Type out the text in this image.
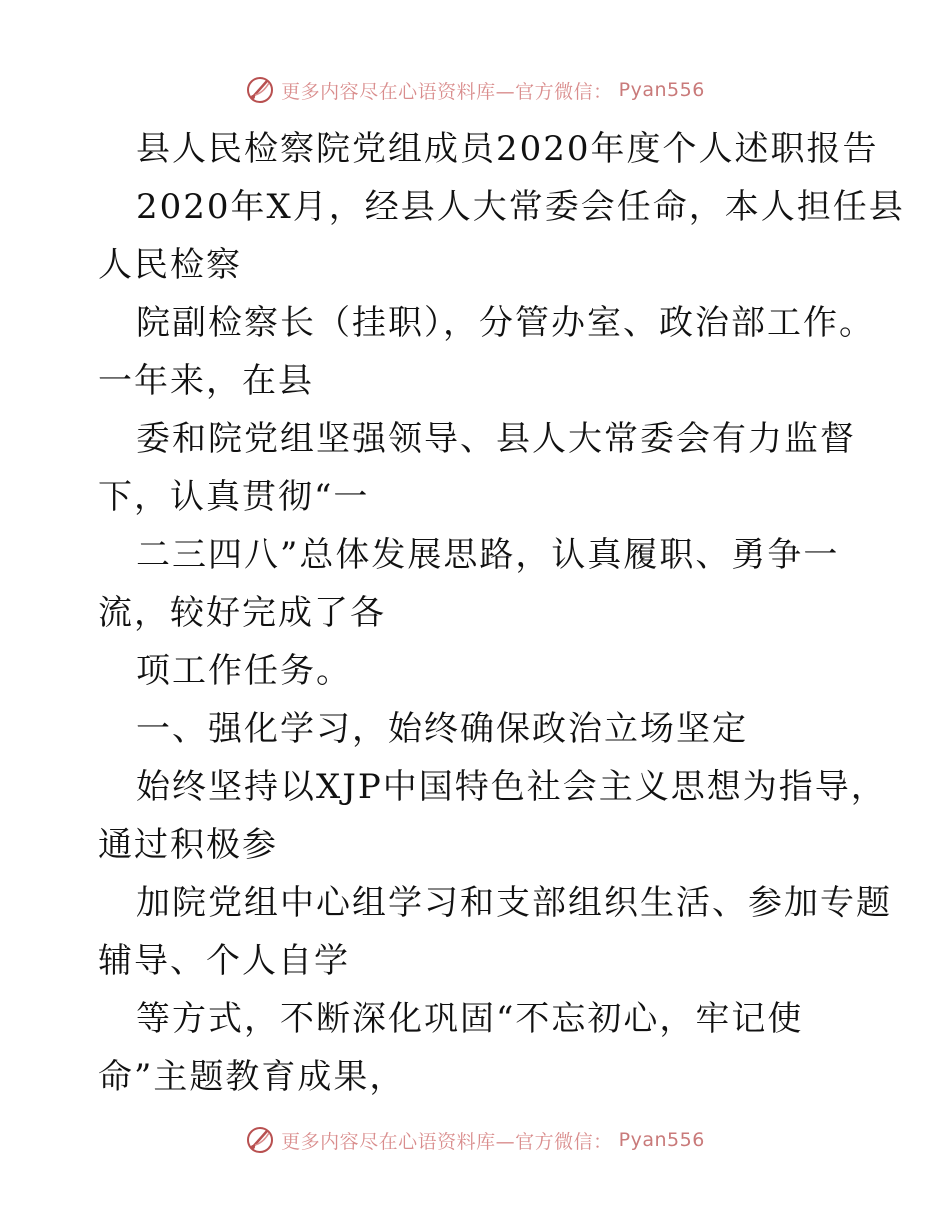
更多内容尽在心语资料库—官方微信： Pyan556
县人民检察院党组成员2020年度个人述职报告
2020年X月，经县人大常委会任命，本人担任县
人民检察
院副检察长（挂职），分管办室、政治部工作。
一年来，在县
委和院党组坚强领导、县人大常委会有力监督
下，认真贯彻“一
二三四八”总体发展思路，认真履职、勇争一
流，较好完成了各
项工作任务。
一、强化学习，始终确保政治立场坚定
始终坚持以XJP中国特色社会主义思想为指导，
通过积极参
加院党组中心组学习和支部组织生活、参加专题
辅导、个人自学
等方式，不断深化巩固“不忘初心，牢记使
命”主题教育成果，
更多内容尽在心语资料库—官方微信： Pyan556
